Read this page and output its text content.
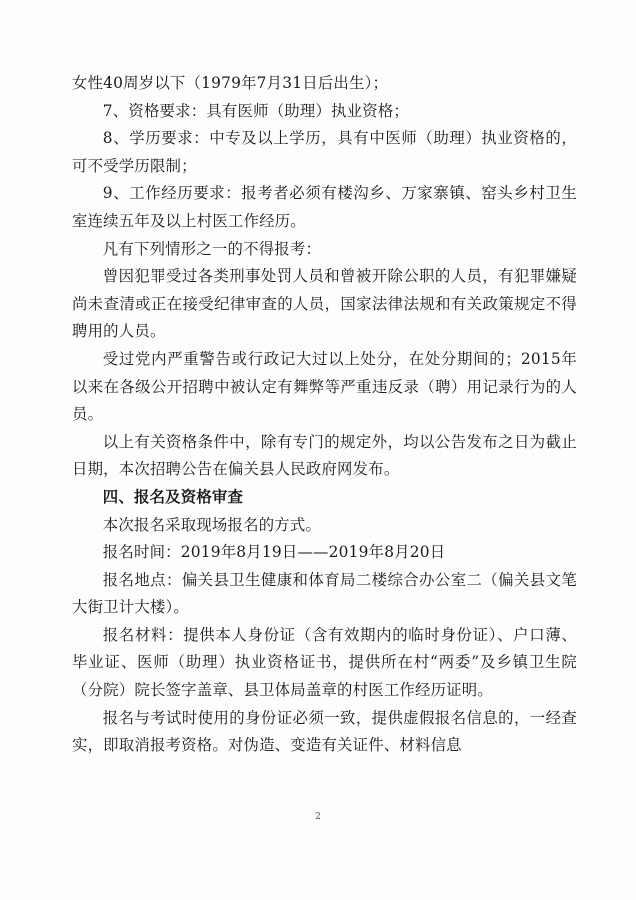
女性40周岁以下（1979年7月31日后出生）；

7、资格要求：具有医师（助理）执业资格；

8、学历要求：中专及以上学历，具有中医师（助理）执业资格的，可不受学历限制；

9、工作经历要求：报考者必须有楼沟乡、万家寨镇、窑头乡村卫生室连续五年及以上村医工作经历。

凡有下列情形之一的不得报考：

曾因犯罪受过各类刑事处罚人员和曾被开除公职的人员，有犯罪嫌疑尚未查清或正在接受纪律审查的人员，国家法律法规和有关政策规定不得聘用的人员。

受过党内严重警告或行政记大过以上处分，在处分期间的；2015年以来在各级公开招聘中被认定有舞弊等严重违反录（聘）用记录行为的人员。

以上有关资格条件中，除有专门的规定外，均以公告发布之日为截止日期，本次招聘公告在偏关县人民政府网发布。

四、报名及资格审查

本次报名采取现场报名的方式。

报名时间：2019年8月19日——2019年8月20日

报名地点：偏关县卫生健康和体育局二楼综合办公室二（偏关县文笔大街卫计大楼）。

报名材料：提供本人身份证（含有效期内的临时身份证）、户口薄、毕业证、医师（助理）执业资格证书，提供所在村“两委”及乡镇卫生院（分院）院长签字盖章、县卫体局盖章的村医工作经历证明。

报名与考试时使用的身份证必须一致，提供虚假报名信息的，一经查实，即取消报考资格。对伪造、变造有关证件、材料信息

2
